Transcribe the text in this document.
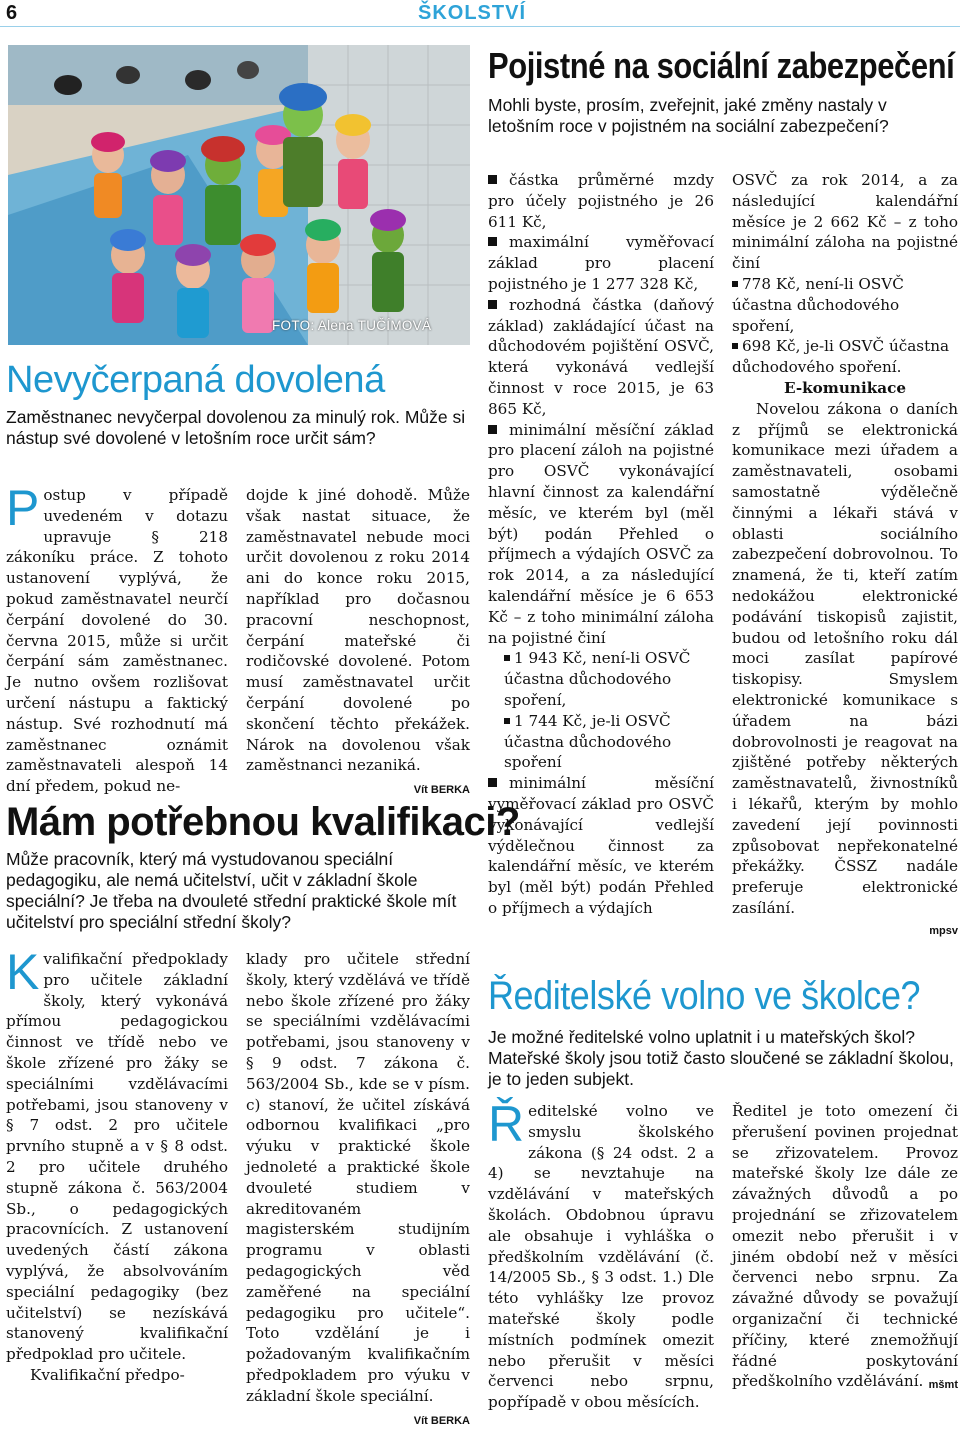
6	ŠKOLSTVÍ
FOTO: Alena TUČÍMOVÁ
Nevyčerpaná dovolená

Zaměstnanec nevyčerpal dovolenou za minulý rok. Může si nástup své dovolené v letošním roce určit sám?

P ostup v případě uvedeném v dotazu upravuje § 218 zákoníku práce. Z tohoto ustanovení vyplývá, že pokud zaměstnavatel neurčí čerpání dovolené do 30. června 2015, může si určit čerpání sám zaměstnanec. Je nutno ovšem rozlišovat určení nástupu a faktický nástup. Své rozhodnutí má zaměstnanec oznámit zaměstnavateli alespoň 14 dní předem, pokud ne-
dojde k jiné dohodě. Může však nastat situace, že zaměstnavatel nebude moci určit dovolenou z roku 2014 ani do konce roku 2015, například pro dočasnou pracovní neschopnost, čerpání mateřské či rodičovské dovolené. Potom musí zaměstnavatel určit čerpání dovolené po skončení těchto překážek. Nárok na dovolenou však zaměstnanci nezaniká.
Vít BERKA
Mám potřebnou kvalifikaci?

Může pracovník, který má vystudovanou speciální pedagogiku, ale nemá učitelství, učit v základní škole speciální? Je třeba na dvouleté střední praktické škole mít učitelství pro speciální střední školy?

K valifikační předpoklady pro učitele základní školy, který vykonává přímou pedagogickou činnost ve třídě nebo ve škole zřízené pro žáky se speciálními vzdělávacími potřebami, jsou stanoveny v § 7 odst. 2 pro učitele prvního stupně a v § 8 odst. 2 pro učitele druhého stupně zákona č. 563/2004 Sb., o pedagogických pracovnících. Z ustanovení uvedených částí zákona vyplývá, že absolvováním speciální pedagogiky (bez učitelství) se nezískává stanovený kvalifikační předpoklad pro učitele.

Kvalifikační předpo-

klady pro učitele střední školy, který vzdělává ve třídě nebo škole zřízené pro žáky se speciálními vzdělávacími potřebami, jsou stanoveny v § 9 odst. 7 zákona č. 563/2004 Sb., kde se v písm. c) stanoví, že učitel získává odbornou kvalifikaci „pro výuku v praktické škole jednoleté a praktické škole dvouleté studiem v akreditovaném magisterském studijním programu v oblasti pedagogických věd zaměřené na speciální pedagogiku pro učitele“. Toto vzdělání je i požadovaným kvalifikačním předpokladem pro výuku v základní škole speciální.
Vít BERKA
Pojistné na sociální zabezpečení

Mohli byste, prosím, zveřejnit, jaké změny nastaly v letošním roce v pojistném na sociální zabezpečení?

částka průměrné mzdy pro účely pojistného je 26 611 Kč,

maximální vyměřovací základ pro placení pojistného je 1 277 328 Kč,

rozhodná částka (daňový základ) zakládající účast na důchodovém pojištění OSVČ, která vykonává vedlejší činnost v roce 2015, je 63 865 Kč,

minimální měsíční základ pro placení záloh na pojistné pro OSVČ vykonávající hlavní činnost za kalendářní měsíc, ve kterém byl (měl být) podán Přehled o příjmech a výdajích OSVČ za rok 2014, a za následující kalendářní měsíce je 6 653 Kč – z toho minimální záloha na pojistné činí

1 943 Kč, není-li OSVČ účastna důchodového spoření,

1 744 Kč, je-li OSVČ účastna důchodového spoření

minimální měsíční vyměřovací základ pro OSVČ vykonávající vedlejší výdělečnou činnost za kalendářní měsíc, ve kterém byl (měl být) podán Přehled o příjmech a výdajích

OSVČ za rok 2014, a za následující kalendářní měsíce je 2 662 Kč – z toho minimální záloha na pojistné činí

778 Kč, není-li OSVČ účastna důchodového spoření,

698 Kč, je-li OSVČ účastna důchodového spoření.

E-komunikace

Novelou zákona o daních z příjmů se elektronická komunikace mezi úřadem a zaměstnavateli, osobami samostatně výdělečně činnými a lékaři stává v oblasti sociálního zabezpečení dobrovolnou. To znamená, že ti, kteří zatím nedokážou elektronické podávání tiskopisů zajistit, budou od letošního roku dál moci zasílat papírové tiskopisy. Smyslem elektronické komunikace s úřadem na bázi dobrovolnosti je reagovat na zjištěné potřeby některých zaměstnavatelů, živnostníků i lékařů, kterým by mohlo zavedení její povinnosti způsobovat nepřekonatelné překážky. ČSSZ nadále preferuje elektronické zasílání.

mpsv

Ředitelské volno ve školce?

Je možné ředitelské volno uplatnit i u mateřských škol? Mateřské školy jsou totiž často sloučené se základní školou, je to jeden subjekt.

Ř editelské volno ve smyslu školského zákona (§ 24 odst. 2 a 4) se nevztahuje na vzdělávání v mateřských školách. Obdobnou úpravu ale obsahuje i vyhláška o předškolním vzdělávání (č. 14/2005 Sb., § 3 odst. 1.) Dle této vyhlášky lze provoz mateřské školy podle místních podmínek omezit nebo přerušit v měsíci červenci nebo srpnu, popřípadě v obou měsících.
Ředitel je toto omezení či přerušení povinen projednat se zřizovatelem. Provoz mateřské školy lze dále ze závažných důvodů a po projednání se zřizovatelem omezit nebo přerušit i v jiném období než v měsíci červenci nebo srpnu. Za závažné důvody se považují organizační či technické příčiny, které znemožňují řádné poskytování předškolního vzdělávání. mšmt
